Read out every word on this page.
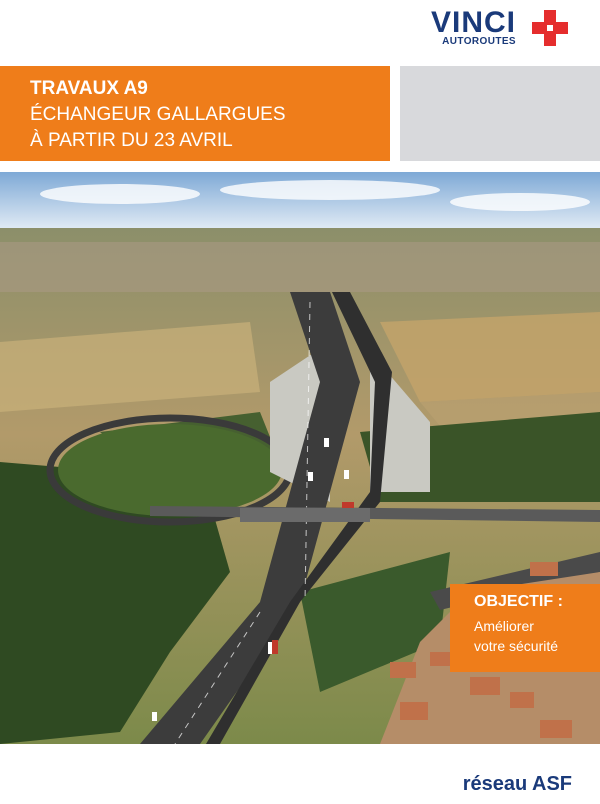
VINCI
AUTOROUTES
TRAVAUX A9
ÉCHANGEUR GALLARGUES
À PARTIR DU 23 AVRIL
OBJECTIF :
Améliorer
votre sécurité
réseau ASF
